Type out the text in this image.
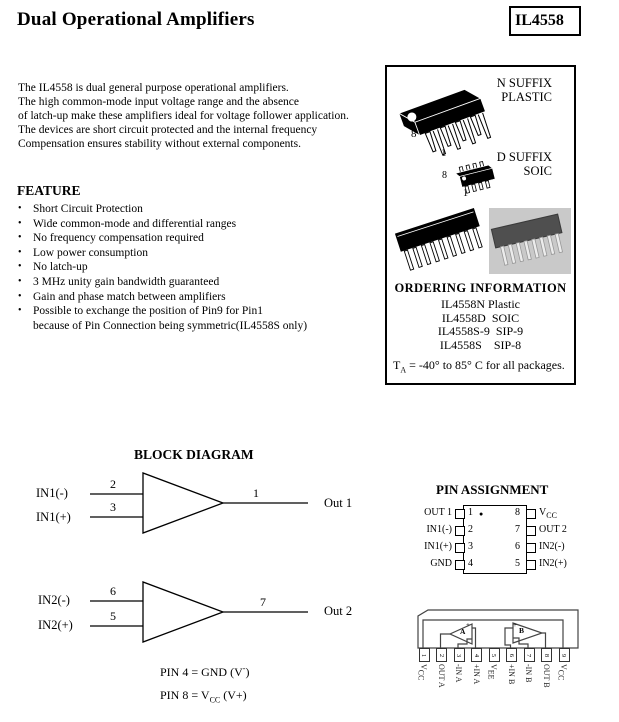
Dual Operational Amplifiers	IL4558
The IL4558 is dual general purpose operational amplifiers.
The high common-mode input voltage range and the absence
of latch-up make these amplifiers ideal for voltage follower application.
The devices are short circuit protected and the internal frequency
Compensation ensures stability without external components.
FEATURE
• Short Circuit Protection
• Wide common-mode and differential ranges
• No frequency compensation required
• Low power consumption
• No latch-up
• 3 MHz unity gain bandwidth guaranteed
• Gain and phase match between amplifiers
• Possible to exchange the position of Pin9 for Pin1
because of Pin Connection being symmetric(IL4558S only)
8
1
N SUFFIX
PLASTIC
D SUFFIX
SOIC
8
1
ORDERING INFORMATION
IL4558N Plastic
IL4558D  SOIC
IL4558S-9  SIP-9
IL4558S    SIP-8
$T_A = -40^\circ$ to 85° C for all packages.
BLOCK DIAGRAM
IN1(-)
2
IN1(+)
3
1
Out 1
IN2(-)
6
IN2(+)
5
7
Out 2
PIN 4 = GND (V-)
PIN $8 = V_{CC}$ (V+)
PIN ASSIGNMENT
OUT 1
IN1(-)
IN1(+)
GND
1 ●
2
3
4
8
7
6
5
$V_{CC}$
OUT 2
IN2(-)
IN2(+)
A
+
B
+
1 2 3 4 5 6 7 8 9
$V_{CC}$	OUT A	-IN A	+IN A	$V_{EE}$	+IN B	-IN B	OUT B	$V_{CC}$
